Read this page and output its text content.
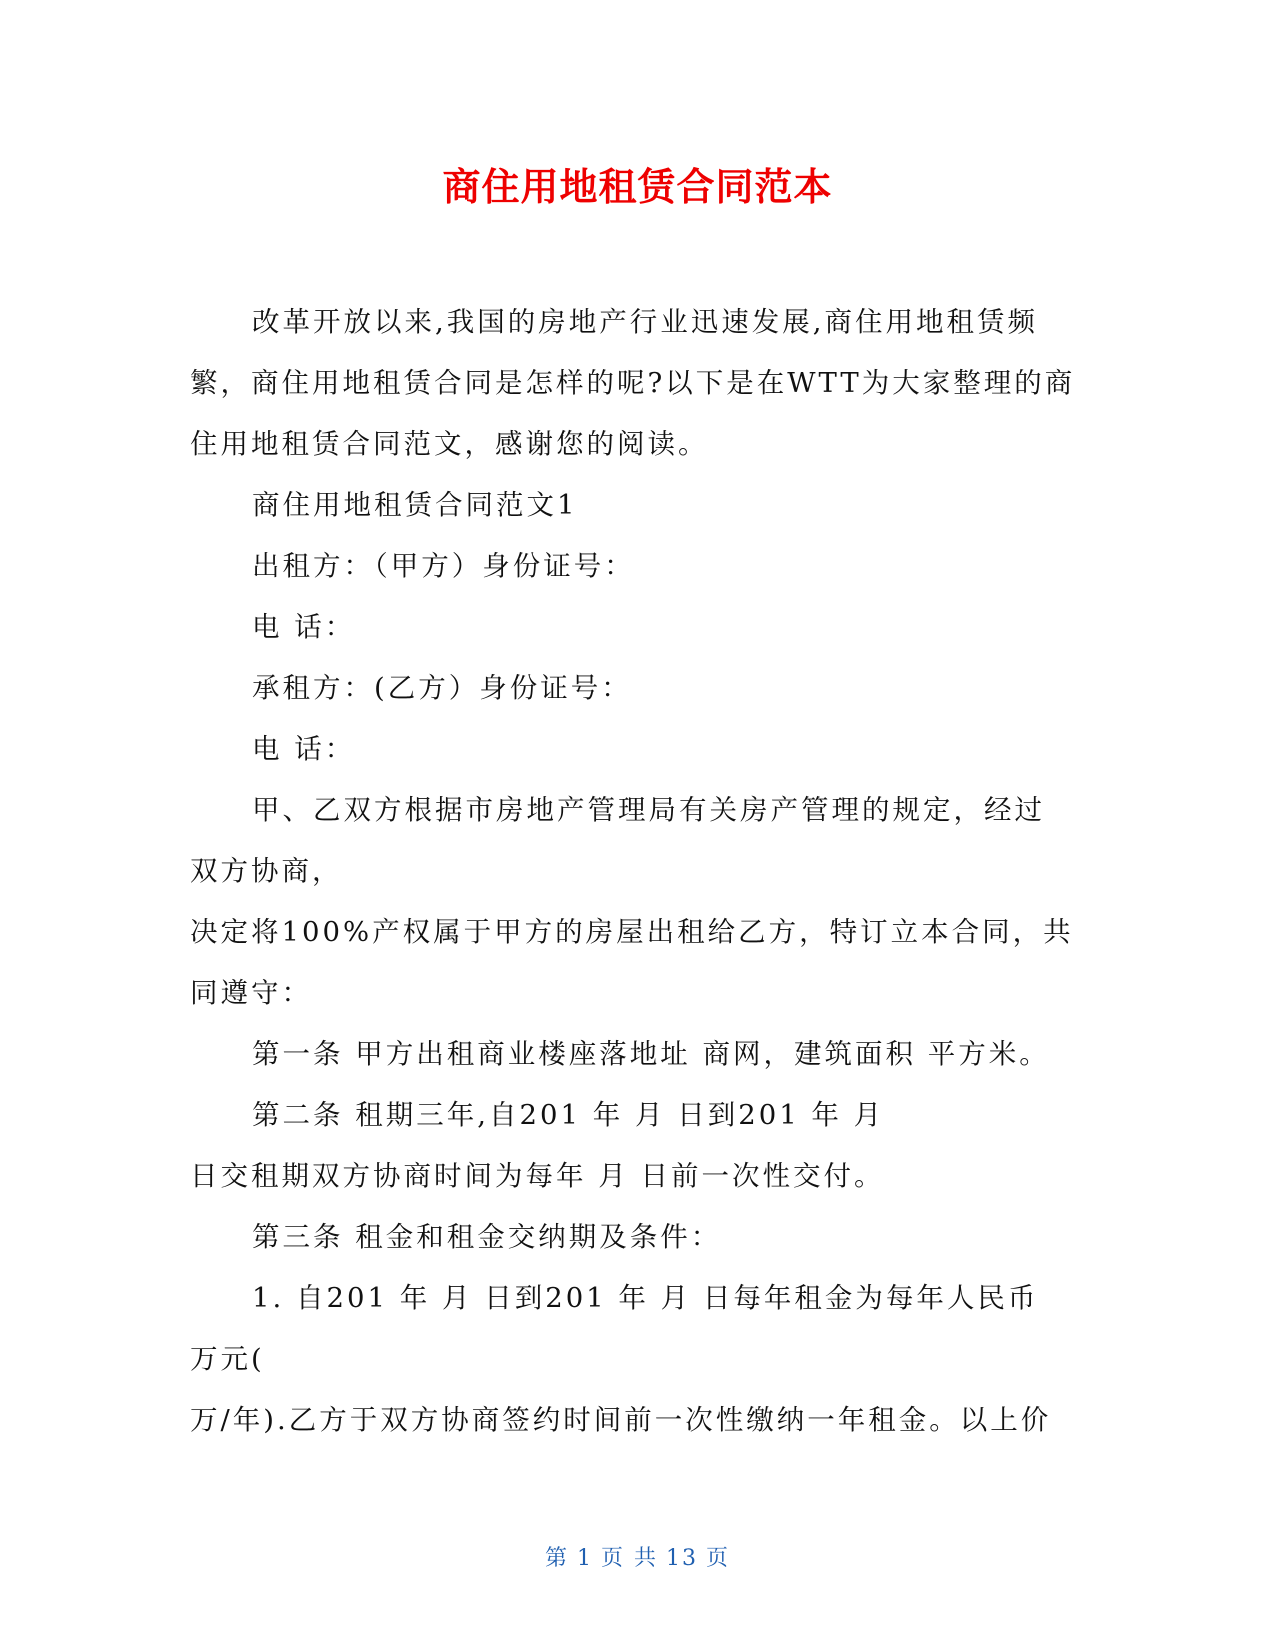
商住用地租赁合同范本

改革开放以来,我国的房地产行业迅速发展,商住用地租赁频

繁，商住用地租赁合同是怎样的呢?以下是在WTT为大家整理的商

住用地租赁合同范文，感谢您的阅读。

商住用地租赁合同范文1

出租方：（甲方）身份证号：

电 话：

承租方：(乙方）身份证号：

电 话：

甲、乙双方根据市房地产管理局有关房产管理的规定，经过

双方协商，

决定将100%产权属于甲方的房屋出租给乙方，特订立本合同，共

同遵守：

第一条 甲方出租商业楼座落地址 商网，建筑面积 平方米。

第二条 租期三年,自201 年 月 日到201 年 月

日交租期双方协商时间为每年 月 日前一次性交付。

第三条 租金和租金交纳期及条件：

1. 自201 年 月 日到201 年 月 日每年租金为每年人民币

万元(

万/年).乙方于双方协商签约时间前一次性缴纳一年租金。以上价

第 1 页 共 13 页
